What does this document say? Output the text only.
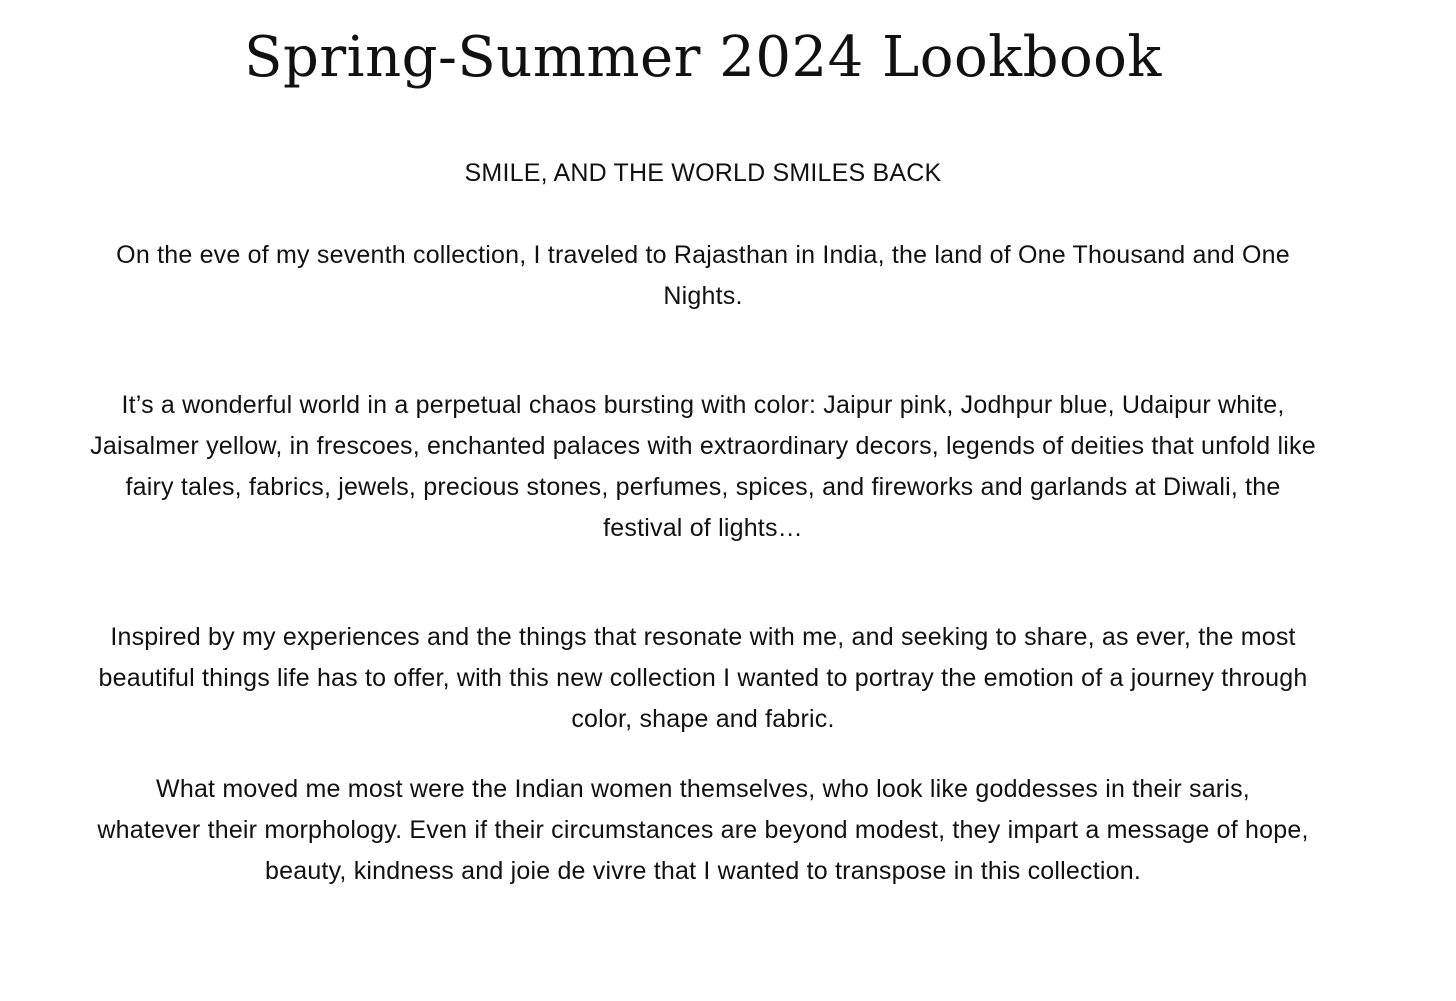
Spring-Summer 2024 Lookbook

SMILE, AND THE WORLD SMILES BACK

On the eve of my seventh collection, I traveled to Rajasthan in India, the land of One Thousand and One Nights.

It’s a wonderful world in a perpetual chaos bursting with color: Jaipur pink, Jodhpur blue, Udaipur white, Jaisalmer yellow, in frescoes, enchanted palaces with extraordinary decors, legends of deities that unfold like fairy tales, fabrics, jewels, precious stones, perfumes, spices, and fireworks and garlands at Diwali, the festival of lights…

Inspired by my experiences and the things that resonate with me, and seeking to share, as ever, the most beautiful things life has to offer, with this new collection I wanted to portray the emotion of a journey through color, shape and fabric.

What moved me most were the Indian women themselves, who look like goddesses in their saris,
whatever their morphology. Even if their circumstances are beyond modest, they impart a message of hope, beauty, kindness and joie de vivre that I wanted to transpose in this collection.
